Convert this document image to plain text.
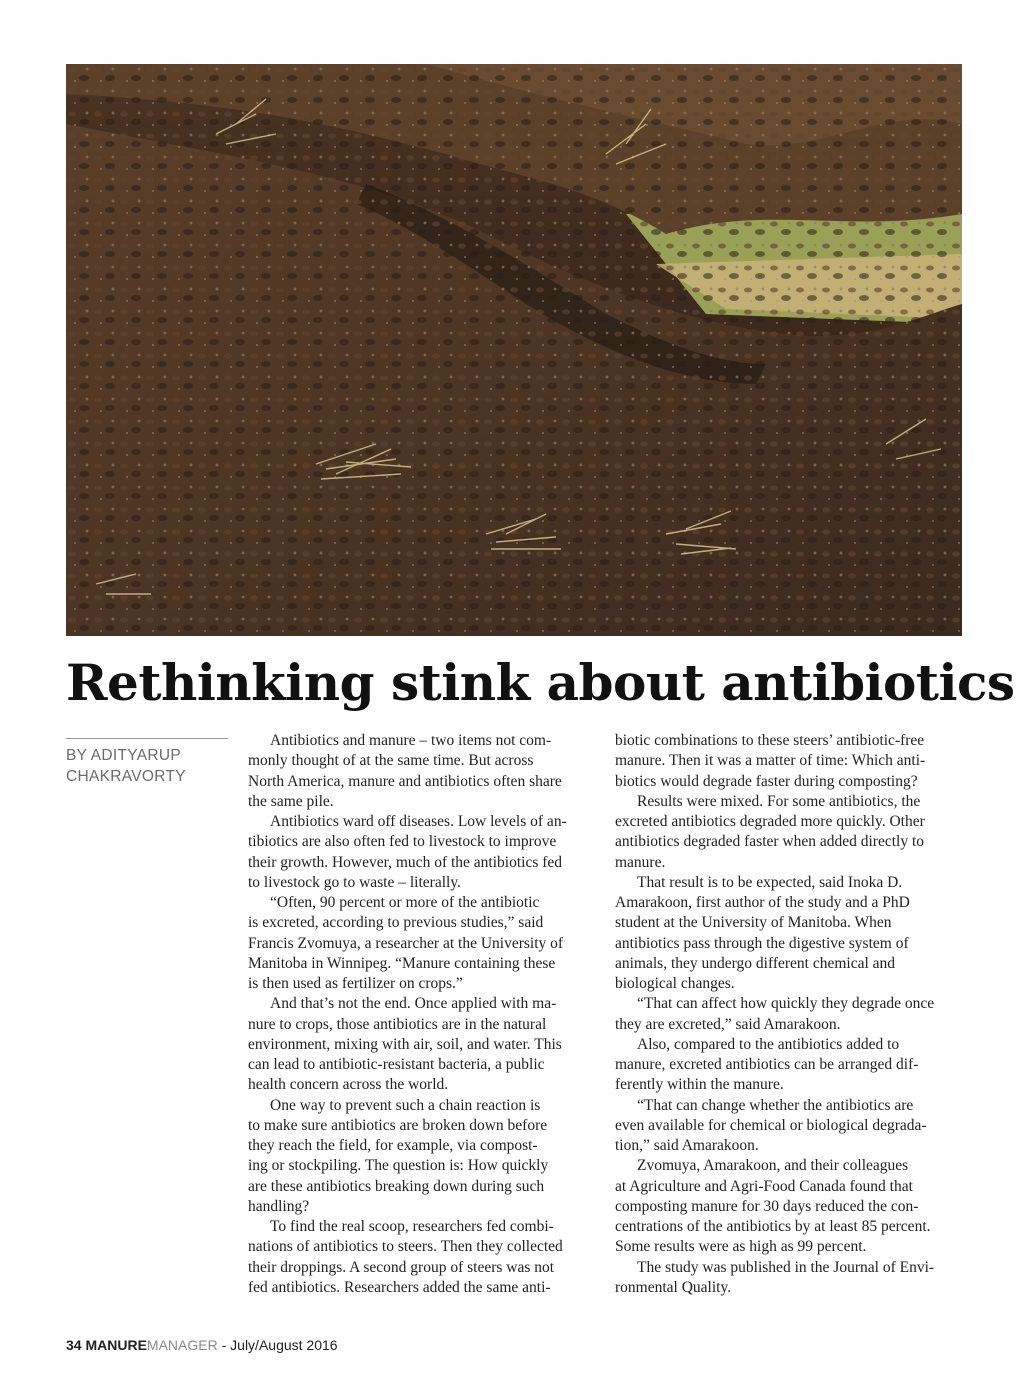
Rethinking stink about antibiotics
BY ADITYARUP
CHAKRAVORTY
Antibiotics and manure – two items not com-
monly thought of at the same time. But across
North America, manure and antibiotics often share
the same pile.
Antibiotics ward off diseases. Low levels of an-
tibiotics are also often fed to livestock to improve
their growth. However, much of the antibiotics fed
to livestock go to waste – literally.
“Often, 90 percent or more of the antibiotic
is excreted, according to previous studies,” said
Francis Zvomuya, a researcher at the University of
Manitoba in Winnipeg. “Manure containing these
is then used as fertilizer on crops.”
And that’s not the end. Once applied with ma-
nure to crops, those antibiotics are in the natural
environment, mixing with air, soil, and water. This
can lead to antibiotic-resistant bacteria, a public
health concern across the world.
One way to prevent such a chain reaction is
to make sure antibiotics are broken down before
they reach the field, for example, via compost-
ing or stockpiling. The question is: How quickly
are these antibiotics breaking down during such
handling?
To find the real scoop, researchers fed combi-
nations of antibiotics to steers. Then they collected
their droppings. A second group of steers was not
fed antibiotics. Researchers added the same anti-
biotic combinations to these steers’ antibiotic-free
manure. Then it was a matter of time: Which anti-
biotics would degrade faster during composting?
Results were mixed. For some antibiotics, the
excreted antibiotics degraded more quickly. Other
antibiotics degraded faster when added directly to
manure.
That result is to be expected, said Inoka D.
Amarakoon, first author of the study and a PhD
student at the University of Manitoba. When
antibiotics pass through the digestive system of
animals, they undergo different chemical and
biological changes.
“That can affect how quickly they degrade once
they are excreted,” said Amarakoon.
Also, compared to the antibiotics added to
manure, excreted antibiotics can be arranged dif-
ferently within the manure.
“That can change whether the antibiotics are
even available for chemical or biological degrada-
tion,” said Amarakoon.
Zvomuya, Amarakoon, and their colleagues
at Agriculture and Agri-Food Canada found that
composting manure for 30 days reduced the con-
centrations of the antibiotics by at least 85 percent.
Some results were as high as 99 percent.
The study was published in the Journal of Envi-
ronmental Quality.
34 MANUREMANAGER - July/August 2016
